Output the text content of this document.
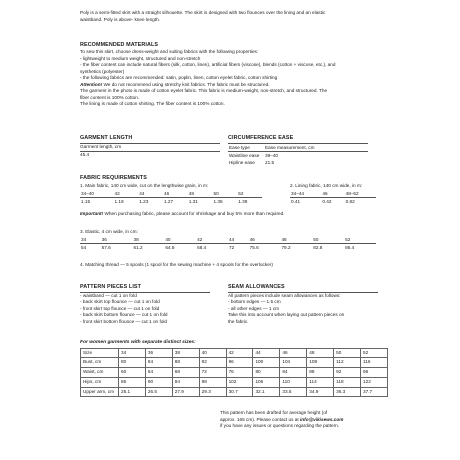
Poly is a semi-fitted skirt with a straight silhouette. The skirt is designed with two flounces over the lining and an elastic

waistband. Poly is above- knee length.

RECOMMENDED MATERIALS

To sew this skirt, choose dress-weight and suiting fabrics with the following properties:

- lightweight to medium weight, structured and non-stretch

- the fiber content can include natural fibers (silk, cotton, linen), artificial fibers (viscose), blends (cotton + viscose, etc.), and

synthetics (polyester)

- the following fabrics are recommended: satin, poplin, linen, cotton eyelet fabric, cotton shirting

Attention! We do not recommend using stretchy knit fabrics. The fabric must be structured.

The garment in the photo is made of cotton eyelet fabric. This fabric is medium-weight, non-stretch, and structured. The

fiber content is 100% cotton.

The lining is made of cotton shirting. The fiber content is 100% cotton.

GARMENT LENGTH

Garment length, cm

45.4

CIRCUMFERENCE EASE

Ease type	Ease measurement, cm
Waistline ease	39–40
Hipline ease	21.5

FABRIC REQUIREMENTS

1. Main fabric, 140 cm wide, cut on the lengthwise grain, in m:

34–40	42	44	46	48	50	52
1.15	1.19	1.23	1.27	1.31	1.35	1.39

2. Lining fabric, 140 cm wide, in m:

34–44	46	48–52
0.41	0.42	0.82

Important! When purchasing fabric, please account for shrinkage and buy 5% more than required.

3. Elastic, 4 cm wide, in cm:

34	36	38	40	42	44	46	48	50	52
54	57.6	61.2	64.8	68.4	72	75.6	79.2	82.8	86.4

4. Matching thread — 5 spools (1 spool for the sewing machine + 4 spools for the overlocker)

PATTERN PIECES LIST

- waistband — cut 1 on fold

- back skirt top flounce — cut 1 on fold

- front skirt top flounce — cut 1 on fold

- back skirt bottom flounce — cut 1 on fold

- front skirt bottom flounce — cut 1 on fold

SEAM ALLOWANCES

All pattern pieces include seam allowances as follows:

- bottom edges — 1.5 cm

- all other edges — 1 cm

Take this into account when laying out pattern pieces on

the fabric.

For women garments with separate distinct sizes:

Size	34	36	38	40	42	44	46	48	50	52
Bust, cm	80	84	88	92	96	100	104	108	112	116
Waist, cm	60	64	68	72	76	80	84	88	92	96
Hips, cm	86	90	94	98	102	106	110	114	118	122
Upper arm, cm	25.1	26.5	27.9	29.3	30.7	32.1	33.5	34.9	36.3	37.7

This pattern has been drafted for average height (of

approx. 165 cm). Please contact us at info@vikisews.com

if you have any issues or questions regarding the pattern.
